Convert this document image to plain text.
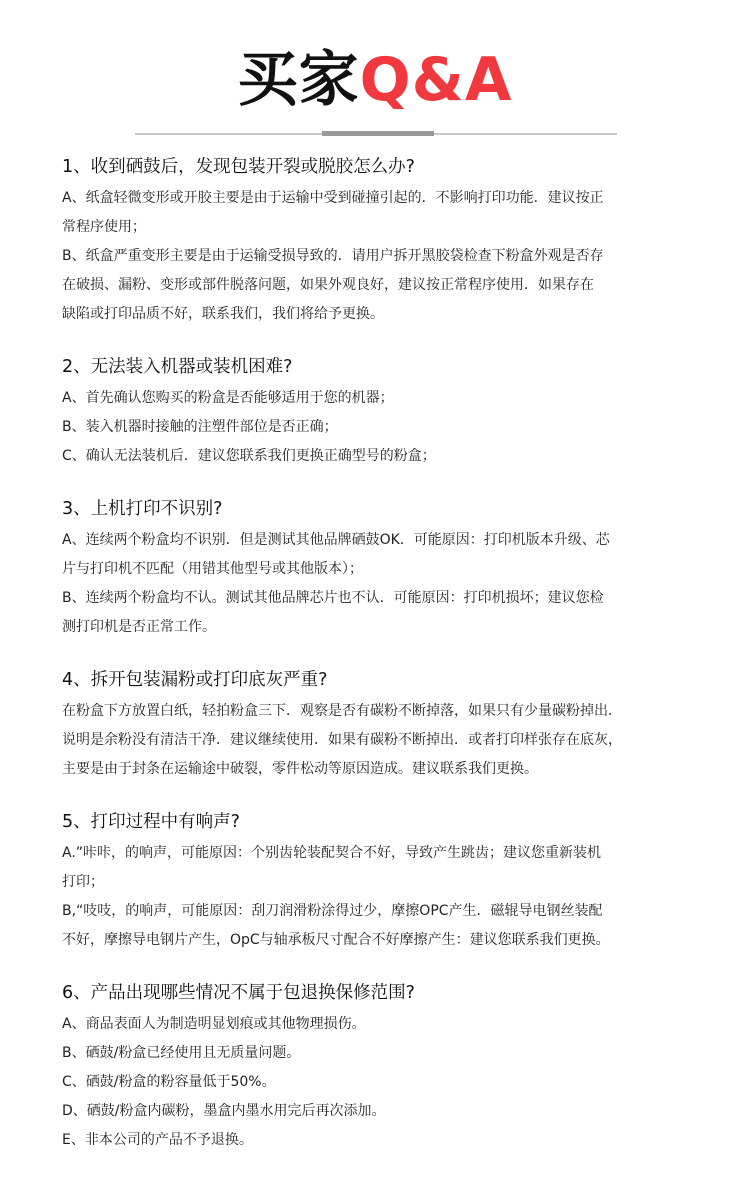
买家Q&A

1、收到硒鼓后，发现包装开裂或脱胶怎么办?

A、纸盒轻微变形或开胶主要是由于运输中受到碰撞引起的．不影响打印功能．建议按正

常程序使用；

B、纸盒严重变形主要是由于运输受损导致的．请用户拆开黑胶袋检查下粉盒外观是否存

在破损、漏粉、变形或部件脱落问题，如果外观良好，建议按正常程序使用．如果存在

缺陷或打印品质不好，联系我们，我们将给予更换。

2、无法装入机器或装机困难?

A、首先确认您购买的粉盒是否能够适用于您的机器；

B、装入机器时接触的注塑件部位是否正确；

C、确认无法装机后．建议您联系我们更换正确型号的粉盒；

3、上机打印不识别?

A、连续两个粉盒均不识别．但是测试其他品牌硒鼓OK．可能原因：打印机版本升级、芯

片与打印机不匹配（用错其他型号或其他版本）；

B、连续两个粉盒均不认。测试其他品牌芯片也不认．可能原因：打印机损坏；建议您检

测打印机是否正常工作。

4、拆开包装漏粉或打印底灰严重?

在粉盒下方放置白纸，轻拍粉盒三下．观察是否有碳粉不断掉落，如果只有少量碳粉掉出．

说明是余粉没有清洁干净．建议继续使用．如果有碳粉不断掉出．或者打印样张存在底灰，

主要是由于封条在运输途中破裂，零件松动等原因造成。建议联系我们更换。

5、打印过程中有响声?

A.”咔咔，的响声，可能原因：个别齿轮装配契合不好，导致产生跳齿；建议您重新装机

打印；

B,“吱吱，的响声，可能原因：刮刀润滑粉涂得过少，摩擦OPC产生．磁辊导电钢丝装配

不好，摩擦导电钢片产生，OpC与轴承板尺寸配合不好摩擦产生：建议您联系我们更换。

6、产品出现哪些情况不属于包退换保修范围?

A、商品表面人为制造明显划痕或其他物理损伤。

B、硒鼓/粉盒已经使用且无质量问题。

C、硒鼓/粉盒的粉容量低于50%。

D、硒鼓/粉盒内碳粉，墨盒内墨水用完后再次添加。

E、非本公司的产品不予退换。
